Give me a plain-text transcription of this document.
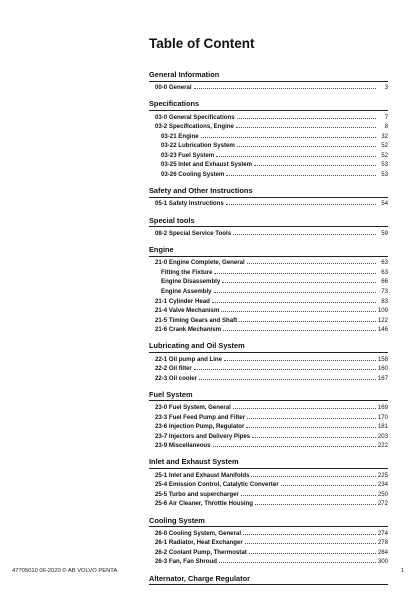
Table of Content
General Information
00-0 General	3
Specifications
03-0 General Specifications	7
03-2 Specifications, Engine	8
03-21 Engine	32
03-22 Lubrication System	52
03-23 Fuel System	52
03-25 Inlet and Exhaust System	53
03-26 Cooling System	53
Safety and Other Instructions
05-1 Safety Instructions	54
Special tools
08-2 Special Service Tools	59
Engine
21-0 Engine Complete, General	63
Fitting the Fixture	63
Engine Disassembly	66
Engine Assembly	73
21-1 Cylinder Head	83
21-4 Valve Mechanism	109
21-5 Timing Gears and Shaft	122
21-6 Crank Mechanism	146
Lubricating and Oil System
22-1 Oil pump and Line	158
22-2 Oil filter	160
22-3 Oil cooler	167
Fuel System
23-0 Fuel System, General	169
23-3 Fuel Feed Pump and Filter	170
23-6 Injection Pump, Regulator	181
23-7 Injectors and Delivery Pipes	203
23-9 Miscellaneous	222
Inlet and Exhaust System
25-1 Inlet and Exhaust Manifolds	225
25-4 Emission Control, Catalytic Converter	234
25-5 Turbo and supercharger	250
25-6 Air Cleaner, Throttle Housing	272
Cooling System
26-0 Cooling System, General	274
26-1 Radiator, Heat Exchanger	278
26-2 Coolant Pump, Thermostat	284
26-3 Fan, Fan Shroud	300
Alternator, Charge Regulator
47705010 06-2020 © AB VOLVO PENTA	1
